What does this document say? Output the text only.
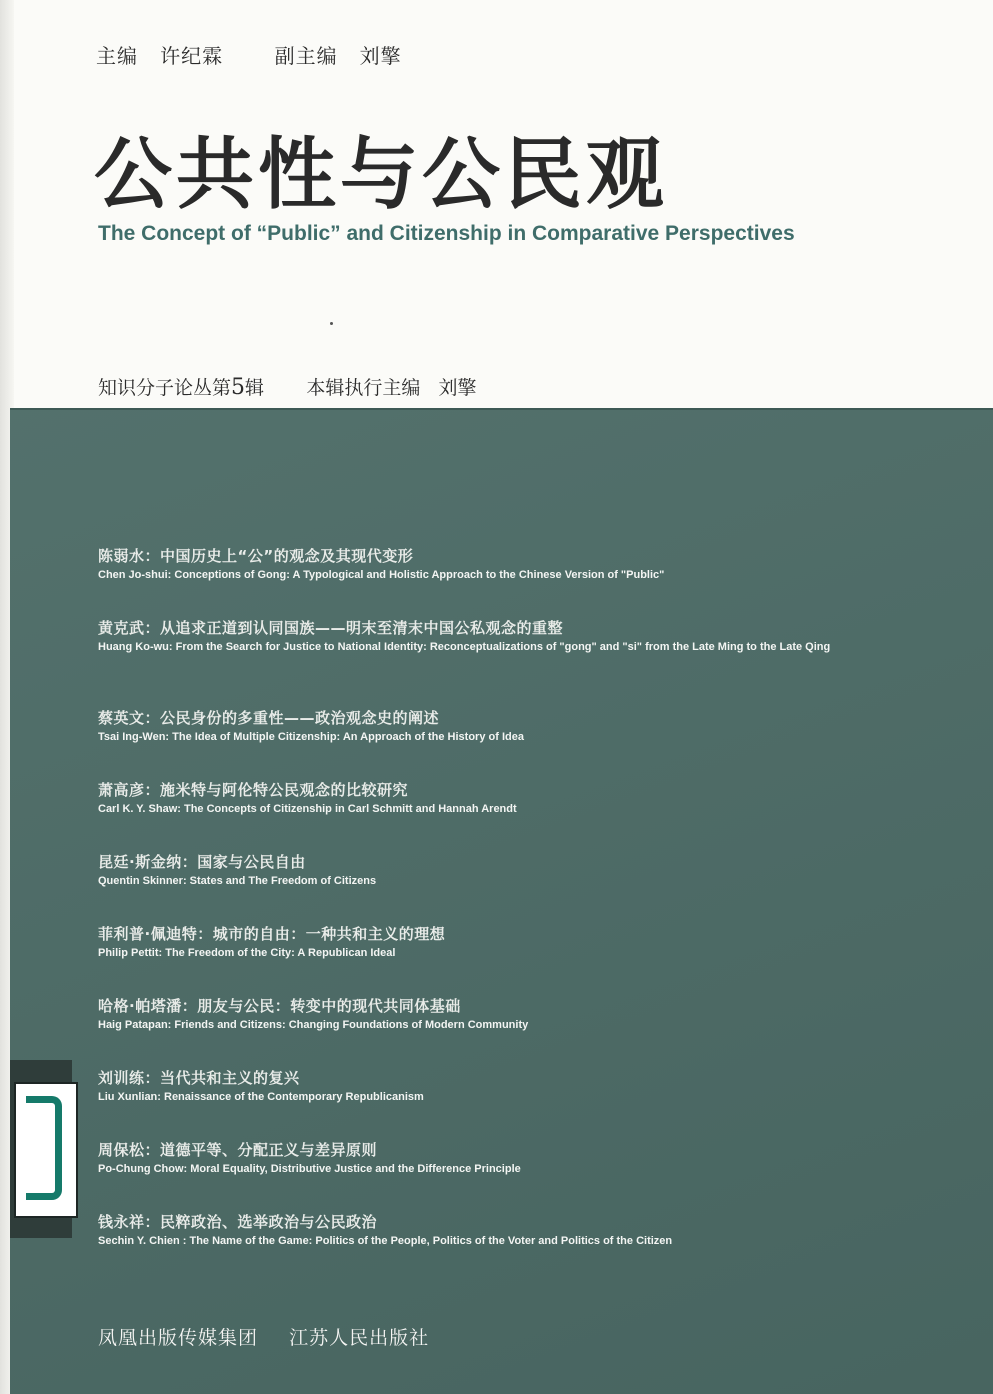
主编 许纪霖	副主编 刘擎
公共性与公民观
The Concept of “Public” and Citizenship in Comparative Perspectives
知识分子论丛第5辑 本辑执行主编 刘擎
陈弱水：中国历史上“公”的观念及其现代变形
Chen Jo-shui: Conceptions of Gong: A Typological and Holistic Approach to the Chinese Version of "Public"
黄克武：从追求正道到认同国族——明末至清末中国公私观念的重整
Huang Ko-wu: From the Search for Justice to National Identity: Reconceptualizations of "gong" and "si" from the Late Ming to the Late Qing
蔡英文：公民身份的多重性——政治观念史的阐述
Tsai Ing-Wen: The Idea of Multiple Citizenship: An Approach of the History of Idea
萧高彦：施米特与阿伦特公民观念的比较研究
Carl K. Y. Shaw: The Concepts of Citizenship in Carl Schmitt and Hannah Arendt
昆廷·斯金纳：国家与公民自由
Quentin Skinner: States and The Freedom of Citizens
菲利普·佩迪特：城市的自由：一种共和主义的理想
Philip Pettit: The Freedom of the City: A Republican Ideal
哈格·帕塔潘：朋友与公民：转变中的现代共同体基础
Haig Patapan: Friends and Citizens: Changing Foundations of Modern Community
刘训练：当代共和主义的复兴
Liu Xunlian: Renaissance of the Contemporary Republicanism
周保松：道德平等、分配正义与差异原则
Po-Chung Chow: Moral Equality, Distributive Justice and the Difference Principle
钱永祥：民粹政治、选举政治与公民政治
Sechin Y. Chien : The Name of the Game: Politics of the People, Politics of the Voter and Politics of the Citizen
凤凰出版传媒集团 江苏人民出版社
